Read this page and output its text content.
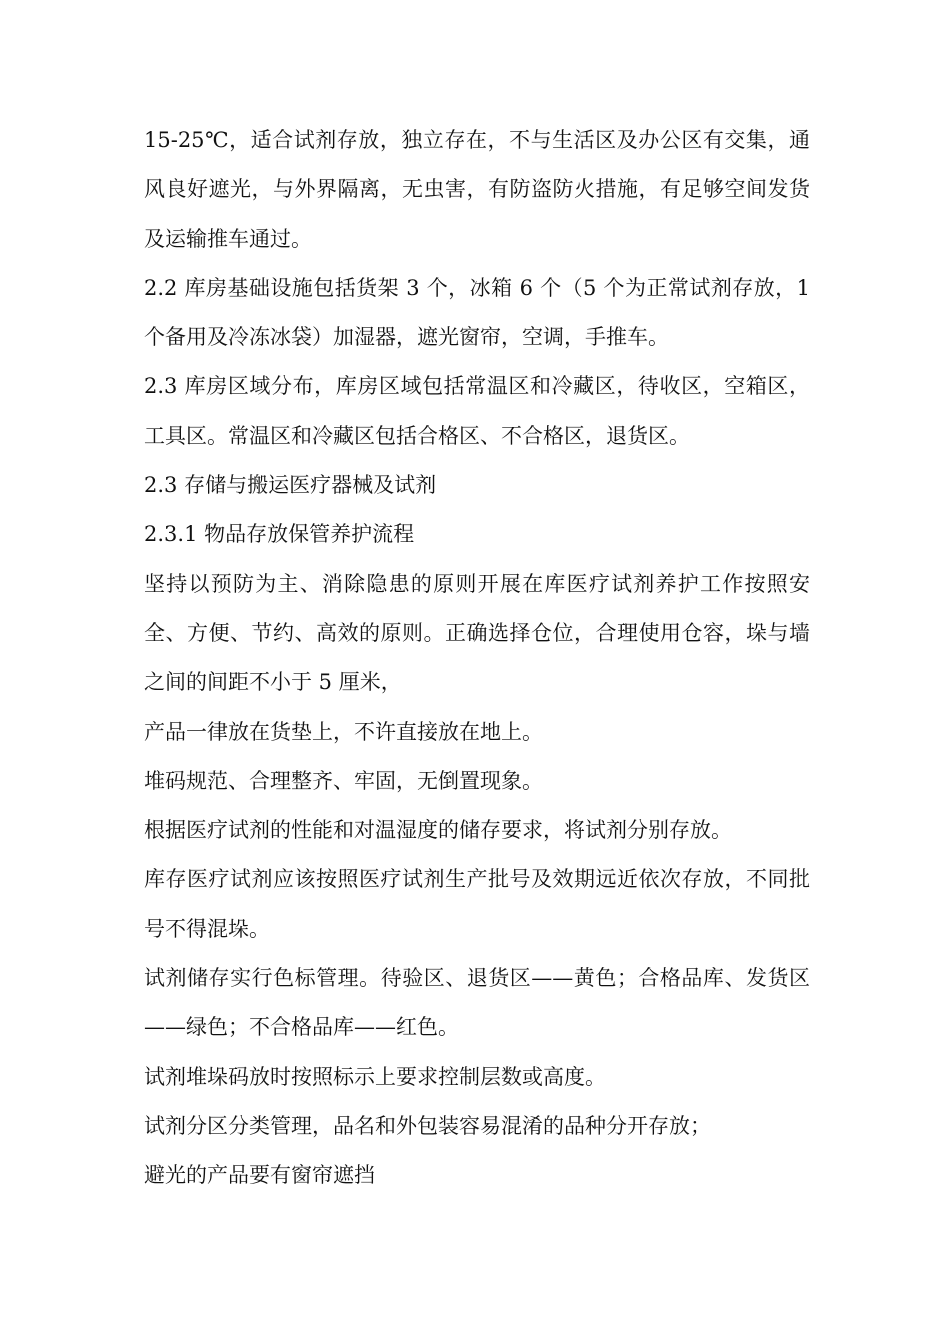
15-25℃，适合试剂存放，独立存在，不与生活区及办公区有交集，通风良好遮光，与外界隔离，无虫害，有防盗防火措施，有足够空间发货及运输推车通过。

2.2 库房基础设施包括货架 3 个，冰箱 6 个（5 个为正常试剂存放，1 个备用及冷冻冰袋）加湿器，遮光窗帘，空调，手推车。

2.3 库房区域分布，库房区域包括常温区和冷藏区，待收区，空箱区，工具区。常温区和冷藏区包括合格区、不合格区，退货区。

2.3 存储与搬运医疗器械及试剂

2.3.1 物品存放保管养护流程

坚持以预防为主、消除隐患的原则开展在库医疗试剂养护工作按照安全、方便、节约、高效的原则。正确选择仓位，合理使用仓容，垛与墙之间的间距不小于 5 厘米，

产品一律放在货垫上，不许直接放在地上。

堆码规范、合理整齐、牢固，无倒置现象。

根据医疗试剂的性能和对温湿度的储存要求，将试剂分别存放。

库存医疗试剂应该按照医疗试剂生产批号及效期远近依次存放，不同批号不得混垛。

试剂储存实行色标管理。待验区、退货区——黄色；合格品库、发货区——绿色；不合格品库——红色。

试剂堆垛码放时按照标示上要求控制层数或高度。

试剂分区分类管理，品名和外包装容易混淆的品种分开存放；

避光的产品要有窗帘遮挡
